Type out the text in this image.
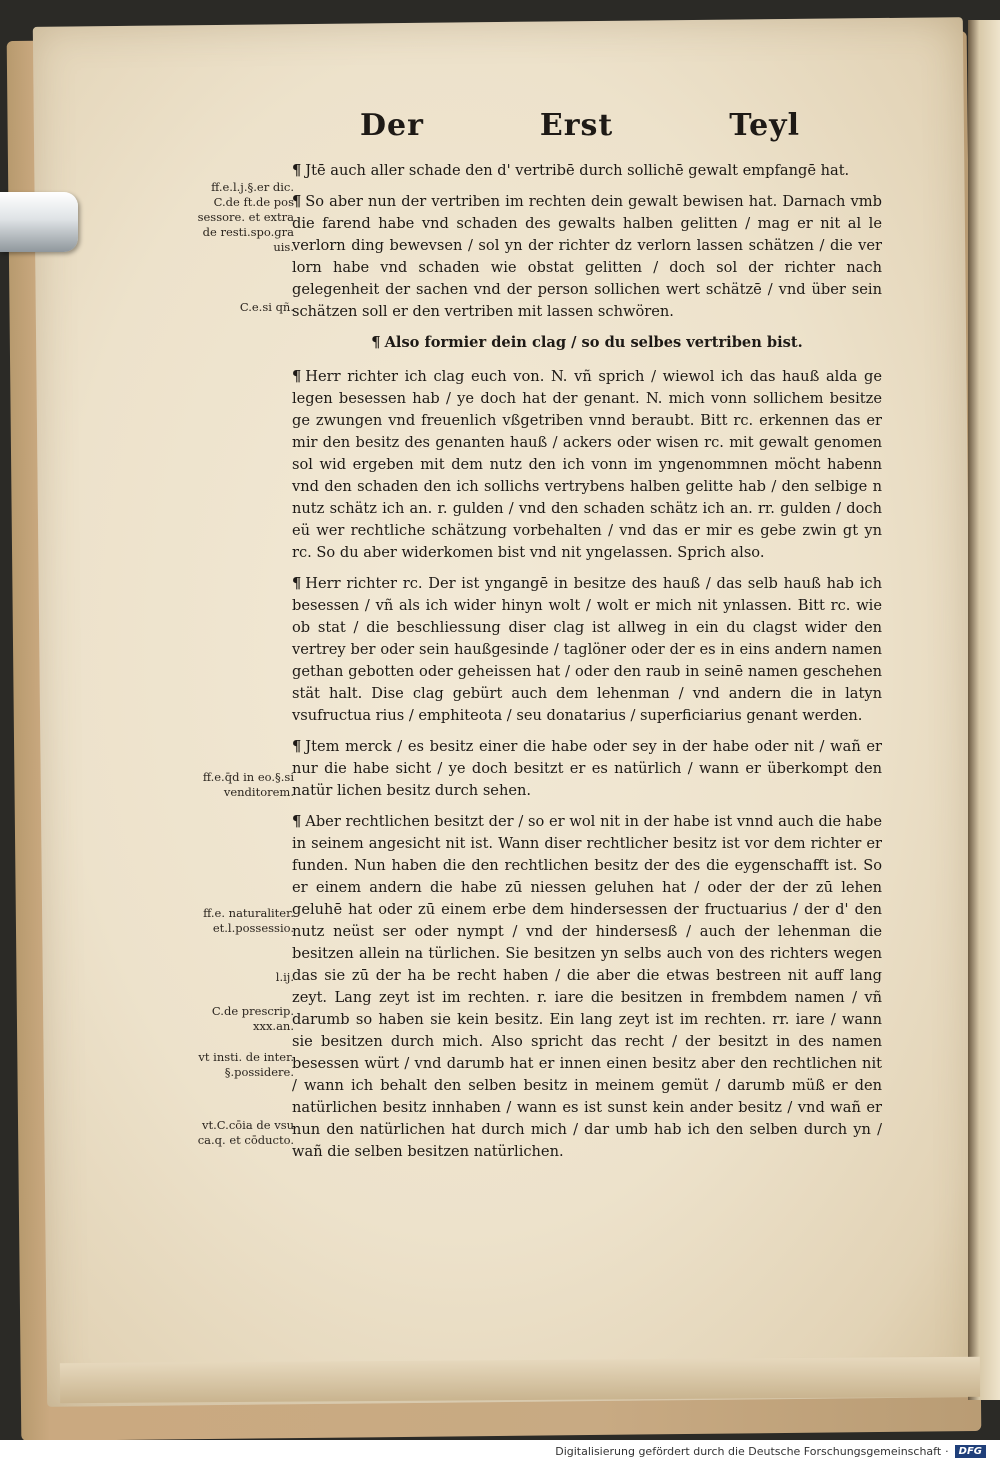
Der	Erst	Teyl
ff.e.l.j.§.er dic. C.de ft.de pos sessore. et extra de resti.spo.gra uis.
C.e.si qñ.
ff.e.q̄d in eo.§.si venditorem.
ff.e. naturaliter. et.l.possessio.
l.ij.
C.de prescrip. xxx.an.
vt insti. de inter. §.possidere.
vt.C.cōia de vsu ca.q. et cōducto.

¶ Jtē auch aller schade den d' vertribē durch sollichē gewalt empfangē hat.

¶ So aber nun der vertriben im rechten dein gewalt bewisen hat. Darnach vmb die farend habe vnd schaden des gewalts halben gelitten / mag er nit al le verlorn ding bewevsen / sol yn der richter dz verlorn lassen schätzen / die ver lorn habe vnd schaden wie obstat gelitten / doch sol der richter nach gelegenheit der sachen vnd der person sollichen wert schätzē / vnd über sein schätzen soll er den vertriben mit lassen schwören.

¶ Also formier dein clag / so du selbes vertriben bist.

¶ Herr richter ich clag euch von. N. vñ sprich / wiewol ich das hauß alda ge legen besessen hab / ye doch hat der genant. N. mich vonn sollichem besitze ge zwungen vnd freuenlich vßgetriben vnnd beraubt. Bitt rc. erkennen das er mir den besitz des genanten hauß / ackers oder wisen rc. mit gewalt genomen sol wid ergeben mit dem nutz den ich vonn im yngenommnen möcht habenn vnd den schaden den ich sollichs vertrybens halben gelitte hab / den selbige n nutz schätz ich an. r. gulden / vnd den schaden schätz ich an. rr. gulden / doch eü wer rechtliche schätzung vorbehalten / vnd das er mir es gebe zwin gt yn rc. So du aber widerkomen bist vnd nit yngelassen. Sprich also.

¶ Herr richter rc. Der ist yngangē in besitze des hauß / das selb hauß hab ich besessen / vñ als ich wider hinyn wolt / wolt er mich nit ynlassen. Bitt rc. wie ob stat / die beschliessung diser clag ist allweg in ein du clagst wider den vertrey ber oder sein haußgesinde / taglöner oder der es in eins andern namen gethan gebotten oder geheissen hat / oder den raub in seinē namen geschehen stät halt. Dise clag gebürt auch dem lehenman / vnd andern die in latyn vsufructua rius / emphiteota / seu donatarius / superficiarius genant werden.

¶ Jtem merck / es besitz einer die habe oder sey in der habe oder nit / wañ er nur die habe sicht / ye doch besitzt er es natürlich / wann er überkompt den natür lichen besitz durch sehen.

¶ Aber rechtlichen besitzt der / so er wol nit in der habe ist vnnd auch die habe in seinem angesicht nit ist. Wann diser rechtlicher besitz ist vor dem richter er funden. Nun haben die den rechtlichen besitz der des die eygenschafft ist. So er einem andern die habe zū niessen geluhen hat / oder der der zū lehen geluhē hat oder zū einem erbe dem hindersessen der fructuarius / der d' den nutz neüst ser oder nympt / vnd der hindersesß / auch der lehenman die besitzen allein na türlichen. Sie besitzen yn selbs auch von des richters wegen das sie zū der ha be recht haben / die aber die etwas bestreen nit auff lang zeyt. Lang zeyt ist im rechten. r. iare die besitzen in frembdem namen / vñ darumb so haben sie kein besitz. Ein lang zeyt ist im rechten. rr. iare / wann sie besitzen durch mich. Also spricht das recht / der besitzt in des namen besessen würt / vnd darumb hat er innen einen besitz aber den rechtlichen nit / wann ich behalt den selben besitz in meinem gemüt / darumb müß er den natürlichen besitz innhaben / wann es ist sunst kein ander besitz / vnd wañ er nun den natürlichen hat durch mich / dar umb hab ich den selben durch yn / wañ die selben besitzen natürlichen.

Digitalisierung gefördert durch die Deutsche Forschungsgemeinschaft ·	DFG
